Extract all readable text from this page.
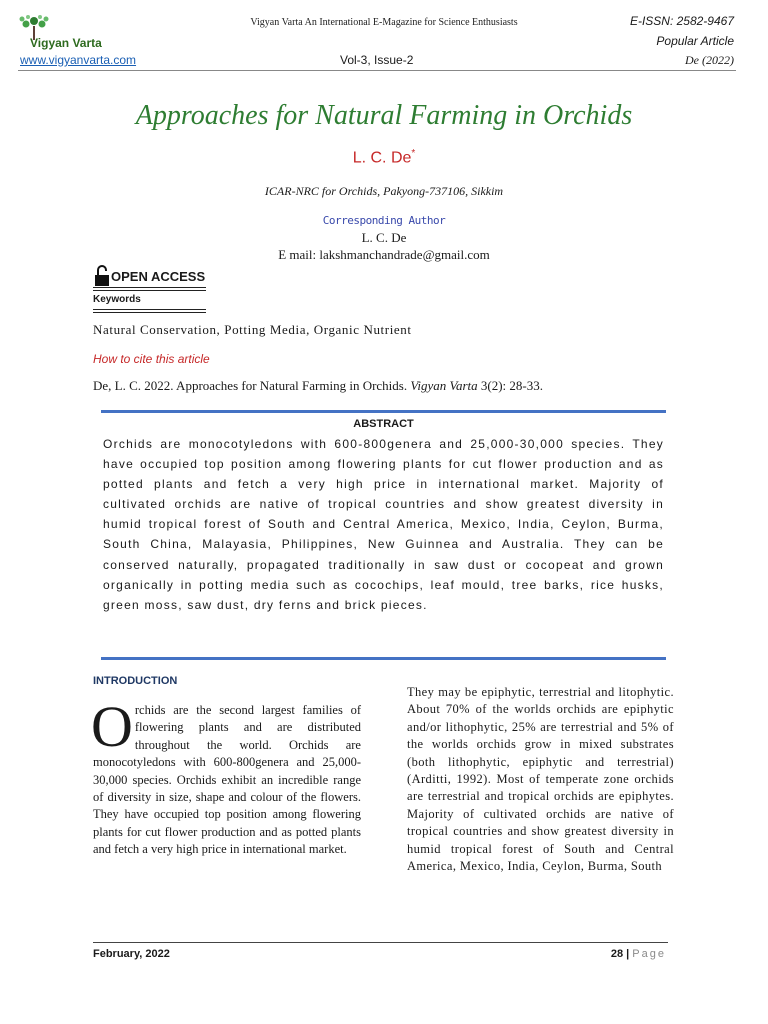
Vigyan Varta
Vigyan Varta An International E-Magazine for Science Enthusiasts	E-ISSN: 2582-9467
Popular Article
www.vigyanvarta.com	Vol-3, Issue-2	De (2022)
Approaches for Natural Farming in Orchids
L. C. De*
ICAR-NRC for Orchids, Pakyong-737106, Sikkim
Corresponding Author
L. C. De
E mail: lakshmanchandrade@gmail.com
OPEN ACCESS
Keywords
Natural Conservation, Potting Media, Organic Nutrient
How to cite this article
De, L. C. 2022. Approaches for Natural Farming in Orchids. Vigyan Varta 3(2): 28-33.
ABSTRACT
Orchids are monocotyledons with 600-800genera and 25,000-30,000 species. They have occupied top position among flowering plants for cut flower production and as potted plants and fetch a very high price in international market. Majority of cultivated orchids are native of tropical countries and show greatest diversity in humid tropical forest of South and Central America, Mexico, India, Ceylon, Burma, South China, Malayasia, Philippines, New Guinnea and Australia. They can be conserved naturally, propagated traditionally in saw dust or cocopeat and grown organically in potting media such as cocochips, leaf mould, tree barks, rice husks, green moss, saw dust, dry ferns and brick pieces.
INTRODUCTION
Orchids are the second largest families of flowering plants and are distributed throughout the world. Orchids are monocotyledons with 600-800genera and 25,000-30,000 species. Orchids exhibit an incredible range of diversity in size, shape and colour of the flowers. They have occupied top position among flowering plants for cut flower production and as potted plants and fetch a very high price in international market.
They may be epiphytic, terrestrial and litophytic. About 70% of the worlds orchids are epiphytic and/or lithophytic, 25% are terrestrial and 5% of the worlds orchids grow in mixed substrates (both lithophytic, epiphytic and terrestrial) (Arditti, 1992). Most of temperate zone orchids are terrestrial and tropical orchids are epiphytes. Majority of cultivated orchids are native of tropical countries and show greatest diversity in humid tropical forest of South and Central America, Mexico, India, Ceylon, Burma, South
February, 2022	28 | Page
